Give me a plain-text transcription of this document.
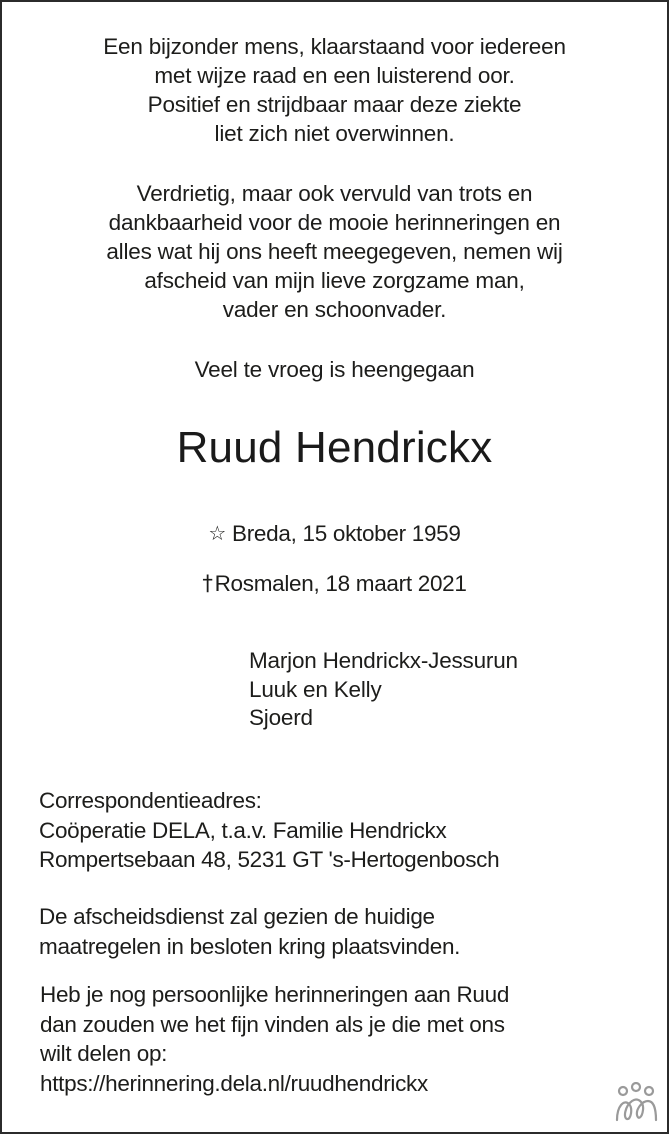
Een bijzonder mens, klaarstaand voor iedereen
met wijze raad en een luisterend oor.
Positief en strijdbaar maar deze ziekte
liet zich niet overwinnen.
Verdrietig, maar ook vervuld van trots en
dankbaarheid voor de mooie herinneringen en
alles wat hij ons heeft meegegeven, nemen wij
afscheid van mijn lieve zorgzame man,
vader en schoonvader.
Veel te vroeg is heengegaan
Ruud Hendrickx
☆ Breda, 15 oktober 1959
†Rosmalen, 18 maart 2021
Marjon Hendrickx-Jessurun
Luuk en Kelly
Sjoerd
Correspondentieadres:
Coöperatie DELA, t.a.v. Familie Hendrickx
Rompertsebaan 48, 5231 GT 's-Hertogenbosch
De afscheidsdienst zal gezien de huidige
maatregelen in besloten kring plaatsvinden.
Heb je nog persoonlijke herinneringen aan Ruud
dan zouden we het fijn vinden als je die met ons
wilt delen op:
https://herinnering.dela.nl/ruudhendrickx
